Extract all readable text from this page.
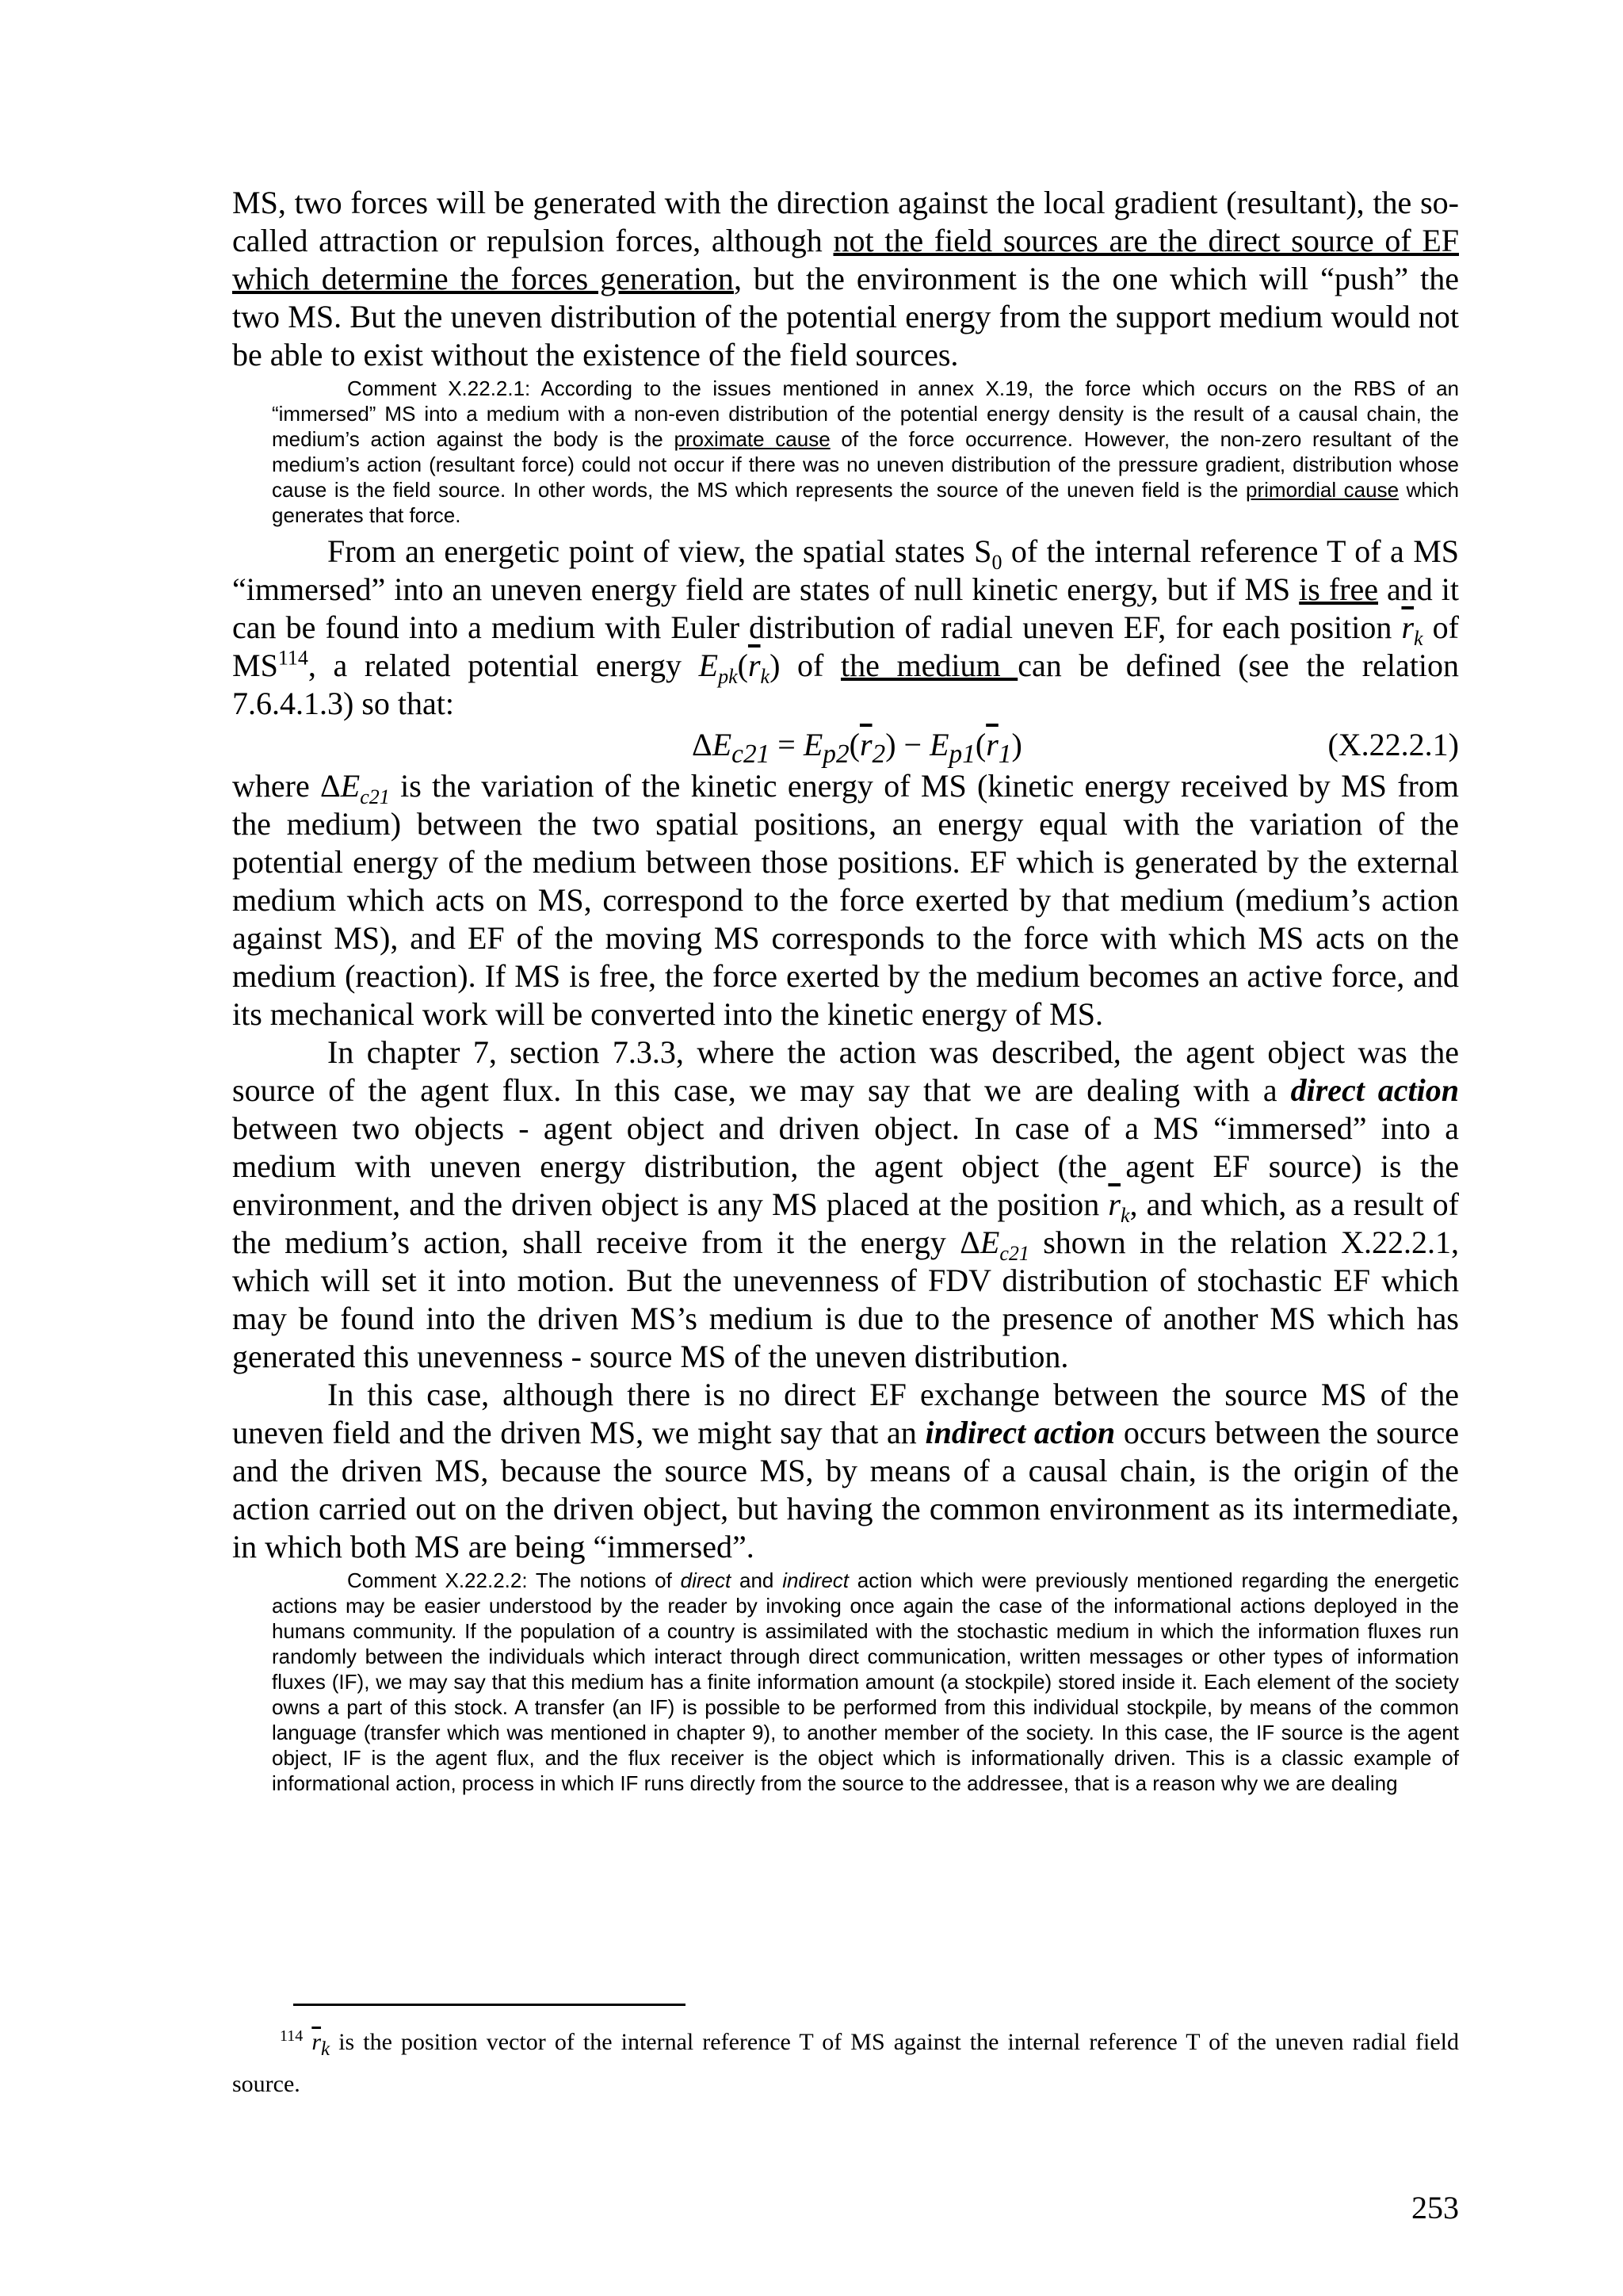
MS, two forces will be generated with the direction against the local gradient (resultant), the so-called attraction or repulsion forces, although not the field sources are the direct source of EF which determine the forces generation, but the environment is the one which will “push” the two MS. But the uneven distribution of the potential energy from the support medium would not be able to exist without the existence of the field sources.

Comment X.22.2.1: According to the issues mentioned in annex X.19, the force which occurs on the RBS of an “immersed” MS into a medium with a non-even distribution of the potential energy density is the result of a causal chain, the medium’s action against the body is the proximate cause of the force occurrence. However, the non-zero resultant of the medium’s action (resultant force) could not occur if there was no uneven distribution of the pressure gradient, distribution whose cause is the field source. In other words, the MS which represents the source of the uneven field is the primordial cause which generates that force.

From an energetic point of view, the spatial states $S_0$ of the internal reference T of a MS “immersed” into an uneven energy field are states of null kinetic energy, but if MS is free and it can be found into a medium with Euler distribution of radial uneven EF, for each position $\overline{r}_k$ of MS$^{114}$, a related potential energy $E_{pk}(\overline{r}_k)$ of the medium can be defined (see the relation 7.6.4.1.3) so that:

$\Delta E_{c21} = E_{p2}(\overline{r}_2) - E_{p1}(\overline{r}_1)$	(X.22.2.1)

where $\Delta E_{c21}$ is the variation of the kinetic energy of MS (kinetic energy received by MS from the medium) between the two spatial positions, an energy equal with the variation of the potential energy of the medium between those positions. EF which is generated by the external medium which acts on MS, correspond to the force exerted by that medium (medium’s action against MS), and EF of the moving MS corresponds to the force with which MS acts on the medium (reaction). If MS is free, the force exerted by the medium becomes an active force, and its mechanical work will be converted into the kinetic energy of MS.

In chapter 7, section 7.3.3, where the action was described, the agent object was the source of the agent flux. In this case, we may say that we are dealing with a direct action between two objects - agent object and driven object. In case of a MS “immersed” into a medium with uneven energy distribution, the agent object (the agent EF source) is the environment, and the driven object is any MS placed at the position $\overline{r}_k$, and which, as a result of the medium’s action, shall receive from it the energy $\Delta E_{c21}$ shown in the relation X.22.2.1, which will set it into motion. But the unevenness of FDV distribution of stochastic EF which may be found into the driven MS’s medium is due to the presence of another MS which has generated this unevenness - source MS of the uneven distribution.

In this case, although there is no direct EF exchange between the source MS of the uneven field and the driven MS, we might say that an indirect action occurs between the source and the driven MS, because the source MS, by means of a causal chain, is the origin of the action carried out on the driven object, but having the common environment as its intermediate, in which both MS are being “immersed”.

Comment X.22.2.2: The notions of direct and indirect action which were previously mentioned regarding the energetic actions may be easier understood by the reader by invoking once again the case of the informational actions deployed in the humans community. If the population of a country is assimilated with the stochastic medium in which the information fluxes run randomly between the individuals which interact through direct communication, written messages or other types of information fluxes (IF), we may say that this medium has a finite information amount (a stockpile) stored inside it. Each element of the society owns a part of this stock. A transfer (an IF) is possible to be performed from this individual stockpile, by means of the common language (transfer which was mentioned in chapter 9), to another member of the society. In this case, the IF source is the agent object, IF is the agent flux, and the flux receiver is the object which is informationally driven. This is a classic example of informational action, process in which IF runs directly from the source to the addressee, that is a reason why we are dealing
$^{114}$ $\overline{r}_k$ is the position vector of the internal reference T of MS against the internal reference T of the uneven radial field source.
253
